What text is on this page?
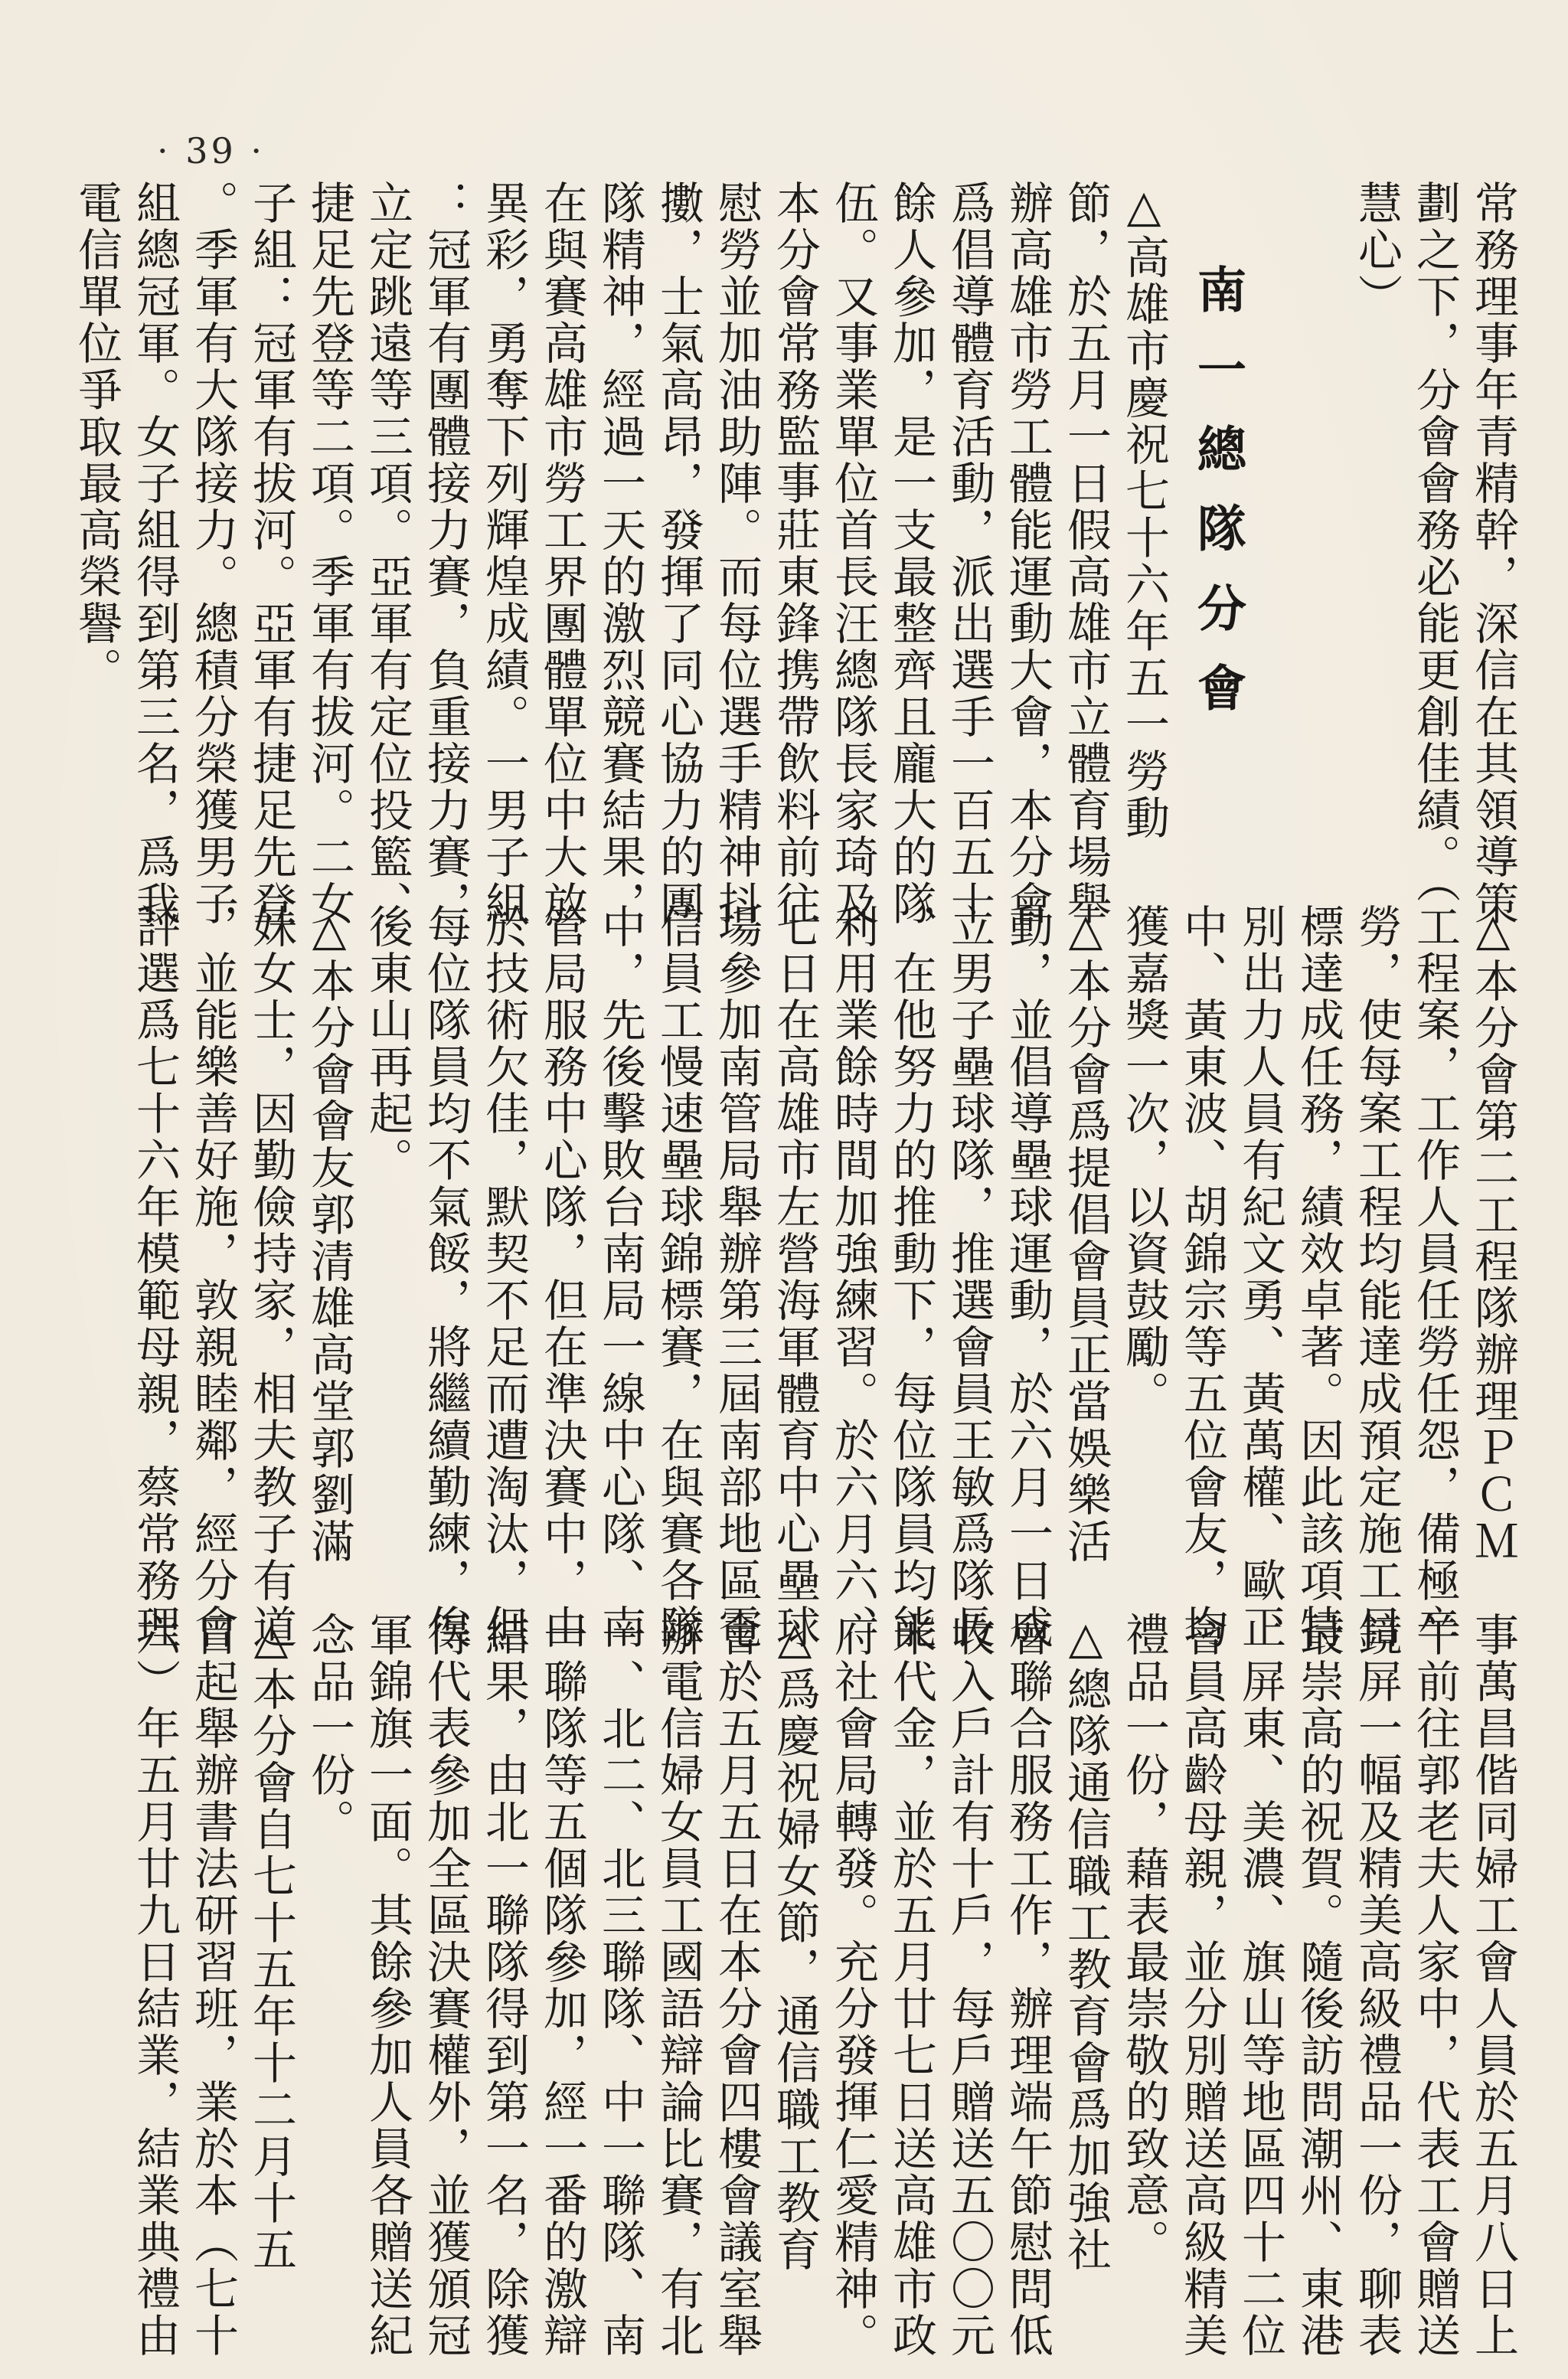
· 39 ·
常務理事年青精幹，深信在其領導策
劃之下，分會會務必能更創佳績。（
慧心）

△高雄市慶祝七十六年五一勞動
節，於五月一日假高雄市立體育場舉
辦高雄市勞工體能運動大會，本分會
爲倡導體育活動，派出選手一百五十
餘人參加，是一支最整齊且龐大的隊
伍。又事業單位首長汪總隊長家琦及
本分會常務監事莊東鋒携帶飲料前往
慰勞並加油助陣。而每位選手精神抖
擻，士氣高昂，發揮了同心協力的團
隊精神，經過一天的激烈競賽結果，
在與賽高雄市勞工界團體單位中大放
異彩，勇奪下列輝煌成績。一男子組
：冠軍有團體接力賽，負重接力賽，
立定跳遠等三項。亞軍有定位投籃、
捷足先登等二項。季軍有拔河。二女
子組：冠軍有拔河。亞軍有捷足先登
。季軍有大隊接力。總積分榮獲男子
組總冠軍。女子組得到第三名，爲我
電信單位爭取最高榮譽。	南一總隊分會
△本分會第二工程隊辦理ＰＣＭ
工程案，工作人員任勞任怨，備極辛
勞，使每案工程均能達成預定施工目
標達成任務，績效卓著。因此該項特
別出力人員有紀文勇、黃萬權、歐正
中、黃東波、胡錦宗等五位會友，均
獲嘉獎一次，以資鼓勵。
△本分會爲提倡會員正當娛樂活
動，並倡導壘球運動，於六月一日成
立男子壘球隊，推選會員王敏爲隊長
，在他努力的推動下，每位隊員均能
利用業餘時間加強練習。於六月六、
七日在高雄市左營海軍體育中心壘球
場參加南管局舉辦第三屆南部地區電
信員工慢速壘球錦標賽，在與賽各隊
中，先後擊敗台南局一線中心隊、南
管局服務中心隊，但在準決賽中，由
於技術欠佳，默契不足而遭淘汰，但
每位隊員均不氣餒，將繼續勤練，俟
後東山再起。
△本分會會友郭清雄高堂郭劉滿
妹女士，因勤儉持家，相夫教子有道
，並能樂善好施，敦親睦鄰，經分會
評選爲七十六年模範母親，蔡常務理
事萬昌偕同婦工會人員於五月八日上
午前往郭老夫人家中，代表工會贈送
鏡屏一幅及精美高級禮品一份，聊表
最崇高的祝賀。隨後訪問潮州、東港
、屏東、美濃、旗山等地區四十二位
會員高齡母親，並分別贈送高級精美
禮品一份，藉表最崇敬的致意。
△總隊通信職工教育會爲加強社
會聯合服務工作，辦理端午節慰問低
收入戶計有十戶，每戶贈送五〇〇元
米代金，並於五月廿七日送高雄市政
府社會局轉發。充分發揮仁愛精神。
△爲慶祝婦女節，通信職工教育
會於五月五日在本分會四樓會議室舉
辦電信婦女員工國語辯論比賽，有北
一、北二、北三聯隊、中一聯隊、南
一聯隊等五個隊參加，經一番的激辯
結果，由北一聯隊得到第一名，除獲
得代表參加全區決賽權外，並獲頒冠
軍錦旗一面。其餘參加人員各贈送紀
念品一份。
△本分會自七十五年十二月十五
日起舉辦書法研習班，業於本（七十
六）年五月廿九日結業，結業典禮由
